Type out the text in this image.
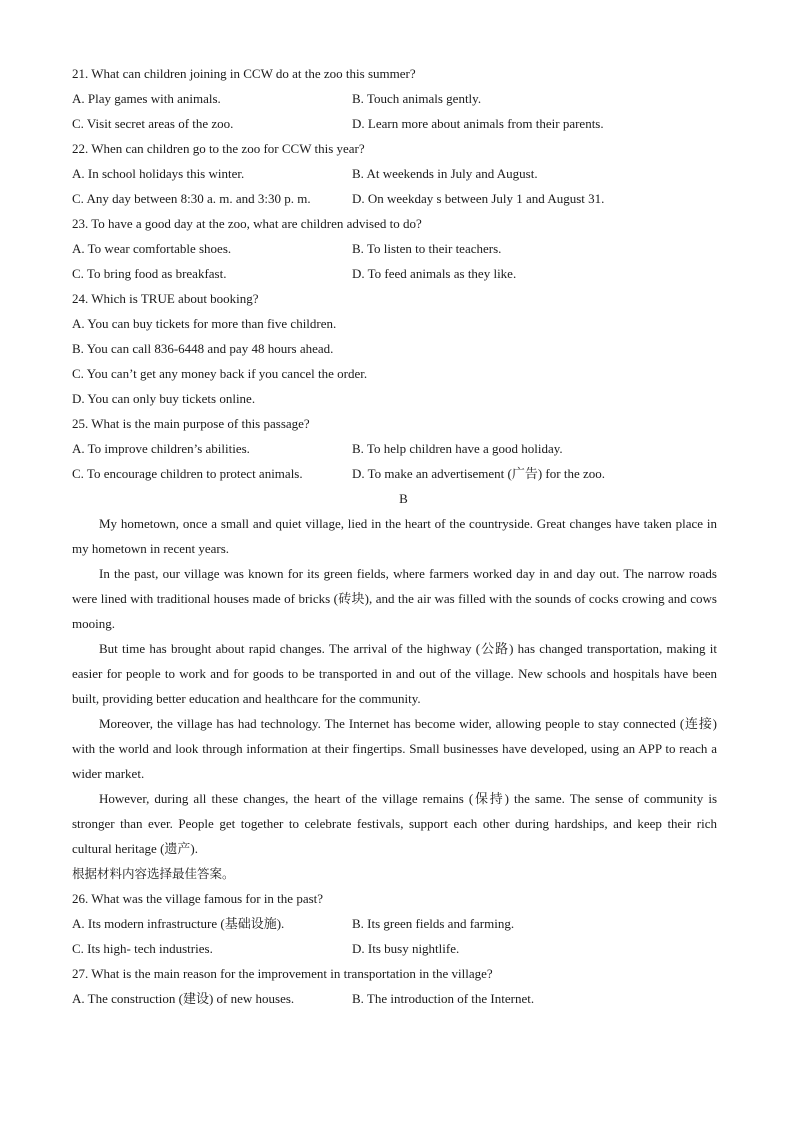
21. What can children joining in CCW do at the zoo this summer?
A. Play games with animals.	B. Touch animals gently.
C. Visit secret areas of the zoo.	D. Learn more about animals from their parents.
22. When can children go to the zoo for CCW this year?
A. In school holidays this winter.	B. At weekends in July and August.
C. Any day between 8:30 a. m. and 3:30 p. m.	D. On weekday s between July 1 and August 31.
23. To have a good day at the zoo, what are children advised to do?
A. To wear comfortable shoes.	B. To listen to their teachers.
C. To bring food as breakfast.	D. To feed animals as they like.
24. Which is TRUE about booking?
A. You can buy tickets for more than five children.
B. You can call 836-6448 and pay 48 hours ahead.
C. You can’t get any money back if you cancel the order.
D. You can only buy tickets online.
25. What is the main purpose of this passage?
A. To improve children’s abilities.	B. To help children have a good holiday.
C. To encourage children to protect animals.	D. To make an advertisement (广告) for the zoo.
B

My hometown, once a small and quiet village, lied in the heart of the countryside. Great changes have taken place in my hometown in recent years.

In the past, our village was known for its green fields, where farmers worked day in and day out. The narrow roads were lined with traditional houses made of bricks (砖块), and the air was filled with the sounds of cocks crowing and cows mooing.

But time has brought about rapid changes. The arrival of the highway (公路) has changed transportation, making it easier for people to work and for goods to be transported in and out of the village. New schools and hospitals have been built, providing better education and healthcare for the community.

Moreover, the village has had technology. The Internet has become wider, allowing people to stay connected (连接) with the world and look through information at their fingertips. Small businesses have developed, using an APP to reach a wider market.

However, during all these changes, the heart of the village remains (保持) the same. The sense of community is stronger than ever. People get together to celebrate festivals, support each other during hardships, and keep their rich cultural heritage (遗产).

根据材料内容选择最佳答案。
26. What was the village famous for in the past?
A. Its modern infrastructure (基础设施).	B. Its green fields and farming.
C. Its high- tech industries.	D. Its busy nightlife.
27. What is the main reason for the improvement in transportation in the village?
A. The construction (建设) of new houses.	B. The introduction of the Internet.
